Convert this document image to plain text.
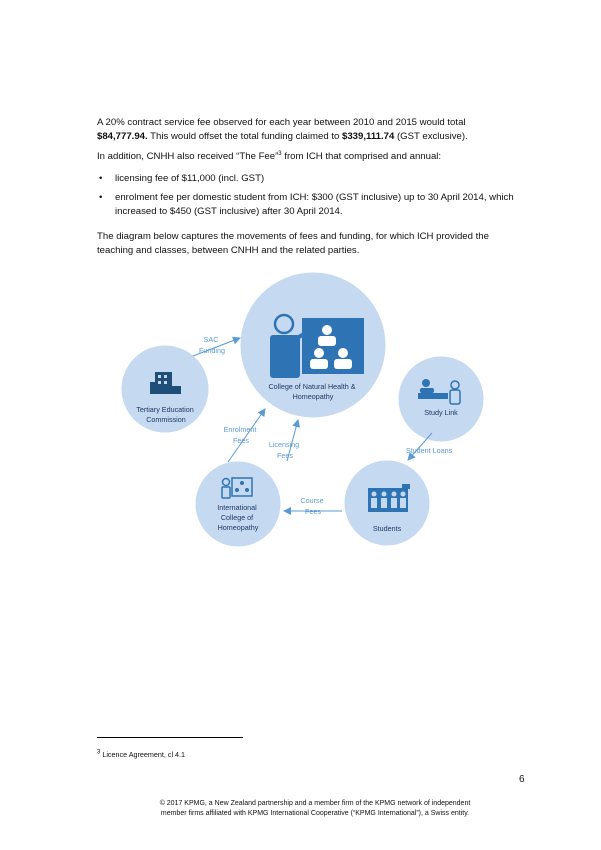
A 20% contract service fee observed for each year between 2010 and 2015 would total
$84,777.94. This would offset the total funding claimed to $339,111.74 (GST exclusive).
In addition, CNHH also received “The Fee”$^3$ from ICH that comprised and annual:
• licensing fee of $11,000 (incl. GST)
• enrolment fee per domestic student from ICH: $300 (GST inclusive) up to 30 April 2014, which increased to $450 (GST inclusive) after 30 April 2014.
The diagram below captures the movements of fees and funding, for which ICH provided the teaching and classes, between CNHH and the related parties.
College of Natural Health & Homeopathy
Tertiary Education Commission
Study Link
International College of Homeopathy	Students
SAC Funding
Enrolment Fees	Licensing Fees
Course Fees
Student Loans
$^3$ Licence Agreement, cl 4.1
6
© 2017 KPMG, a New Zealand partnership and a member firm of the KPMG network of independent
member firms affiliated with KPMG International Cooperative (“KPMG International”), a Swiss entity.
